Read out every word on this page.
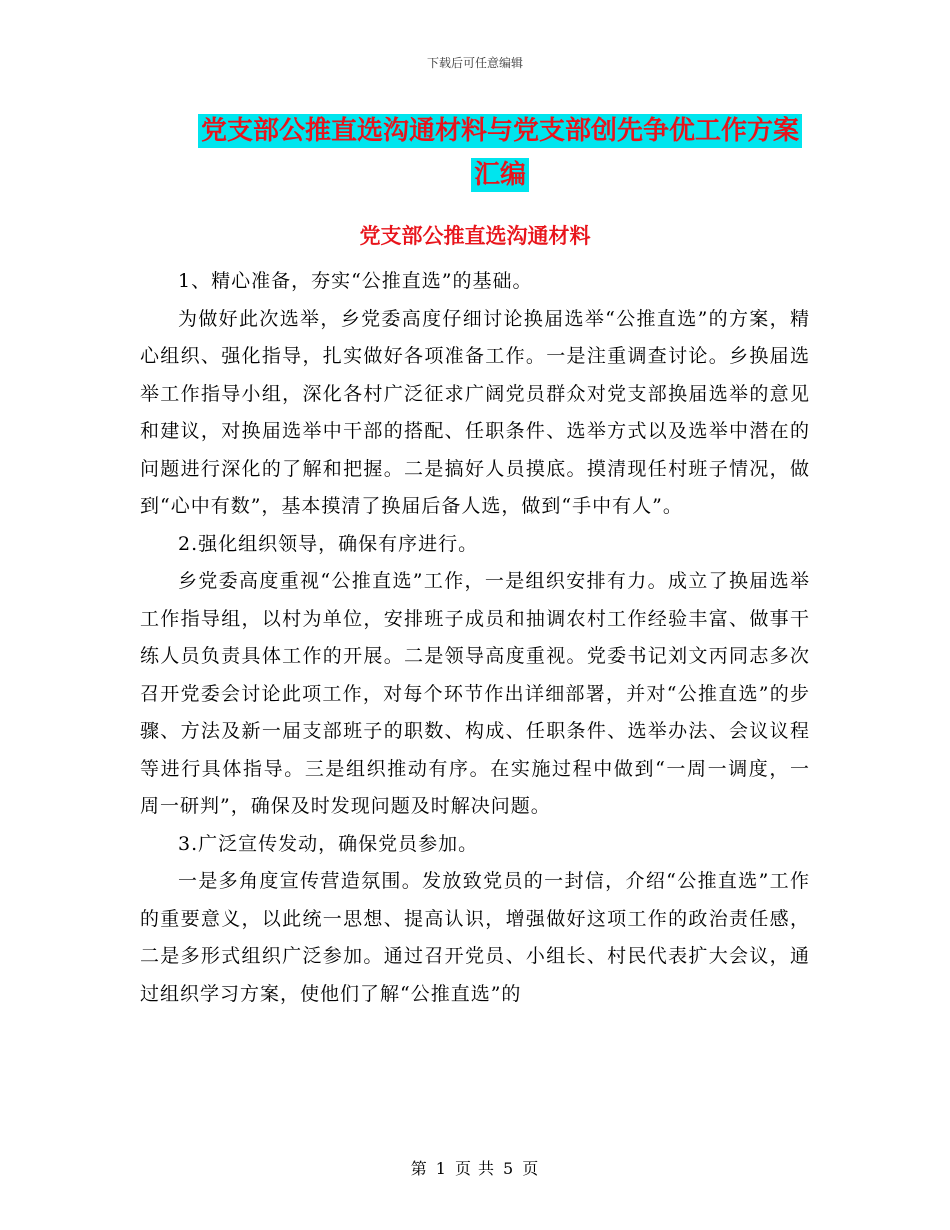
下载后可任意编辑
党支部公推直选沟通材料与党支部创先争优工作方案
汇编
党支部公推直选沟通材料

1、精心准备，夯实“公推直选”的基础。

为做好此次选举，乡党委高度仔细讨论换届选举“公推直选”的方案，精心组织、强化指导，扎实做好各项准备工作。一是注重调查讨论。乡换届选举工作指导小组，深化各村广泛征求广阔党员群众对党支部换届选举的意见和建议，对换届选举中干部的搭配、任职条件、选举方式以及选举中潜在的问题进行深化的了解和把握。二是搞好人员摸底。摸清现任村班子情况，做到“心中有数”，基本摸清了换届后备人选，做到“手中有人”。

2.强化组织领导，确保有序进行。

乡党委高度重视“公推直选”工作，一是组织安排有力。成立了换届选举工作指导组，以村为单位，安排班子成员和抽调农村工作经验丰富、做事干练人员负责具体工作的开展。二是领导高度重视。党委书记刘文丙同志多次召开党委会讨论此项工作，对每个环节作出详细部署，并对“公推直选”的步骤、方法及新一届支部班子的职数、构成、任职条件、选举办法、会议议程等进行具体指导。三是组织推动有序。在实施过程中做到“一周一调度，一周一研判”，确保及时发现问题及时解决问题。

3.广泛宣传发动，确保党员参加。

一是多角度宣传营造氛围。发放致党员的一封信，介绍“公推直选”工作的重要意义，以此统一思想、提高认识，增强做好这项工作的政治责任感，二是多形式组织广泛参加。通过召开党员、小组长、村民代表扩大会议，通过组织学习方案，使他们了解“公推直选”的

第 1 页 共 5 页
